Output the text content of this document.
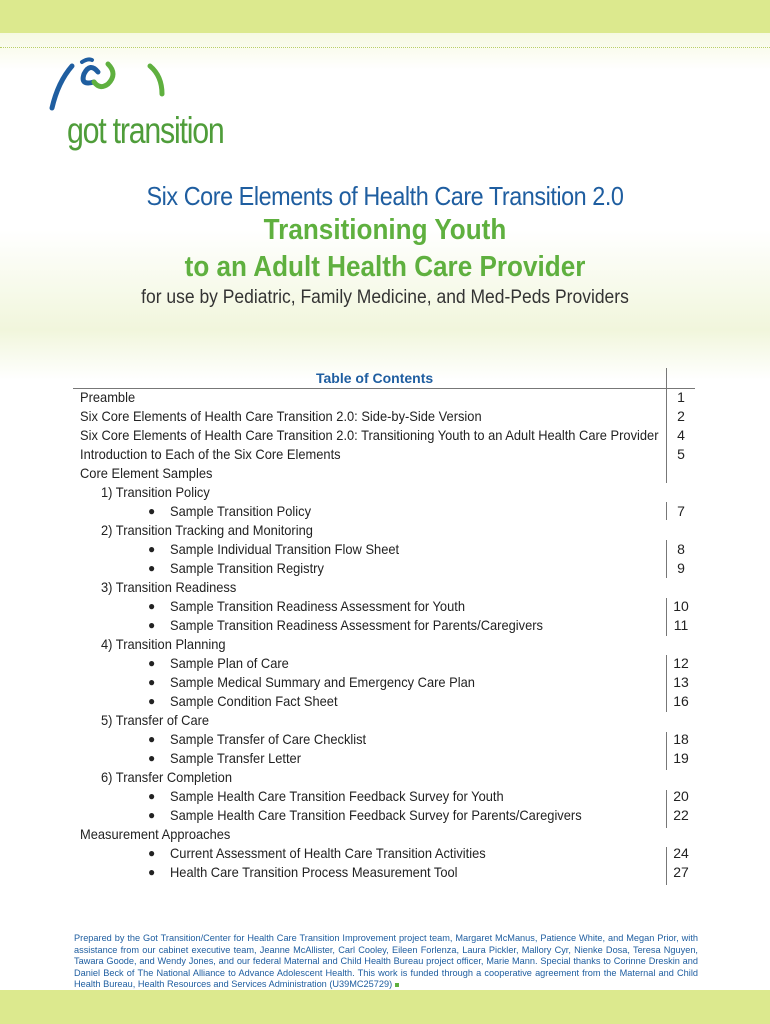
got transition
Six Core Elements of Health Care Transition 2.0
Transitioning Youth
to an Adult Health Care Provider
for use by Pediatric, Family Medicine, and Med-Peds Providers
Table of Contents
Preamble	1
Six Core Elements of Health Care Transition 2.0: Side-by-Side Version	2
Six Core Elements of Health Care Transition 2.0: Transitioning Youth to an Adult Health Care Provider	4
Introduction to Each of the Six Core Elements	5
Core Element Samples
1) Transition Policy
● Sample Transition Policy	7
2) Transition Tracking and Monitoring
● Sample Individual Transition Flow Sheet	8
● Sample Transition Registry	9
3) Transition Readiness
● Sample Transition Readiness Assessment for Youth	10
● Sample Transition Readiness Assessment for Parents/Caregivers	11
4) Transition Planning
● Sample Plan of Care	12
● Sample Medical Summary and Emergency Care Plan	13
● Sample Condition Fact Sheet	16
5) Transfer of Care
● Sample Transfer of Care Checklist	18
● Sample Transfer Letter	19
6) Transfer Completion
● Sample Health Care Transition Feedback Survey for Youth	20
● Sample Health Care Transition Feedback Survey for Parents/Caregivers	22
Measurement Approaches
● Current Assessment of Health Care Transition Activities	24
● Health Care Transition Process Measurement Tool	27

Prepared by the Got Transition/Center for Health Care Transition Improvement project team, Margaret McManus, Patience White, and Megan Prior, with assistance from our cabinet executive team, Jeanne McAllister, Carl Cooley, Eileen Forlenza, Laura Pickler, Mallory Cyr, Nienke Dosa, Teresa Nguyen, Tawara Goode, and Wendy Jones, and our federal Maternal and Child Health Bureau project officer, Marie Mann. Special thanks to Corinne Dreskin and Daniel Beck of The National Alliance to Advance Adolescent Health. This work is funded through a cooperative agreement from the Maternal and Child Health Bureau, Health Resources and Services Administration (U39MC25729)
